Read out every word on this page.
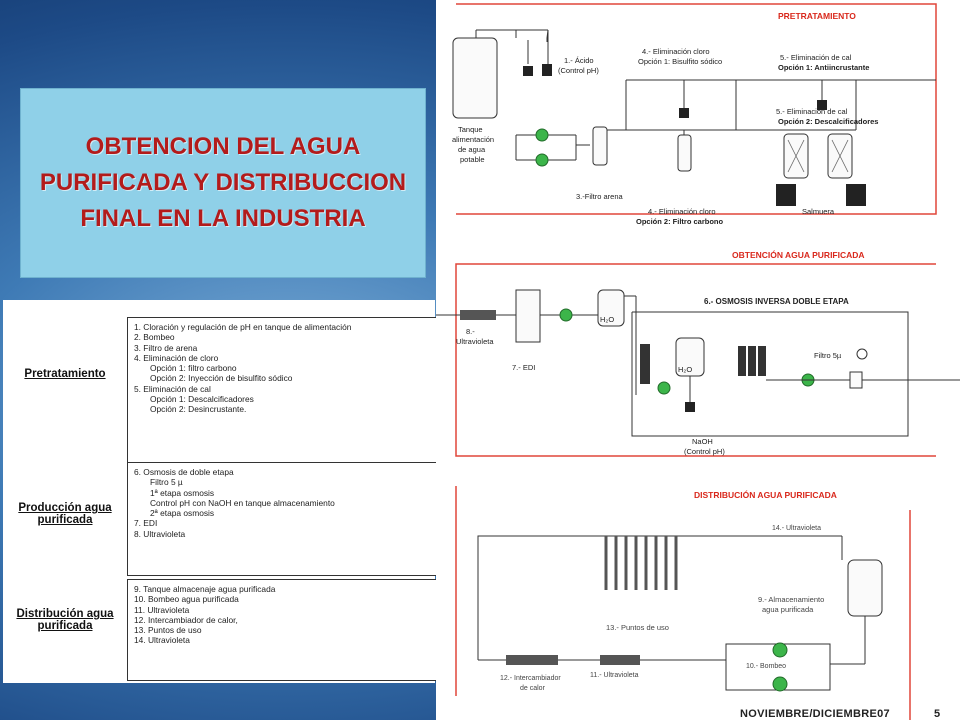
OBTENCION DEL AGUA PURIFICADA Y DISTRIBUCCION FINAL EN LA INDUSTRIA
Pretratamiento
1. Cloración y regulación de pH en tanque de alimentación
2. Bombeo
3. Filtro de arena
4. Eliminación de cloro
Opción 1: filtro carbono
Opción 2: Inyección de bisulfito sódico
5. Eliminación de cal
Opción 1: Descalcificadores
Opción 2: Desincrustante.
Producción agua purificada
6. Osmosis de doble etapa
Filtro 5 µ
1ª etapa osmosis
Control pH con NaOH en tanque almacenamiento
2ª etapa osmosis
7. EDI
8. Ultravioleta
Distribución agua purificada
9. Tanque almacenaje agua purificada
10. Bombeo agua purificada
11. Ultravioleta
12. Intercambiador de calor,
13. Puntos de uso
14. Ultravioleta
PRETRATAMIENTO
1.- Ácido
(Control pH)
Tanque
alimentación
de agua
potable
3.-Filtro arena
4.- Eliminación cloro
Opción 2: Filtro carbono
4.- Eliminación cloro
Opción 1: Bisulfito sódico	5.- Eliminación de cal
Opción 1: Antiincrustante
5.- Eliminación de cal
Opción 2: Descalcificadores
Salmuera
OBTENCIÓN AGUA PURIFICADA
8.-
Ultravioleta
7.- EDI
H₂O
6.- OSMOSIS INVERSA DOBLE ETAPA
H₂O
Filtro 5µ
NaOH
(Control pH)
DISTRIBUCIÓN AGUA PURIFICADA
14.- Ultravioleta
13.- Puntos de uso
9.- Almacenamiento
agua purificada
10.- Bombeo
12.- Intercambiador
de calor
11.- Ultravioleta
NOVIEMBRE/DICIEMBRE07	5
